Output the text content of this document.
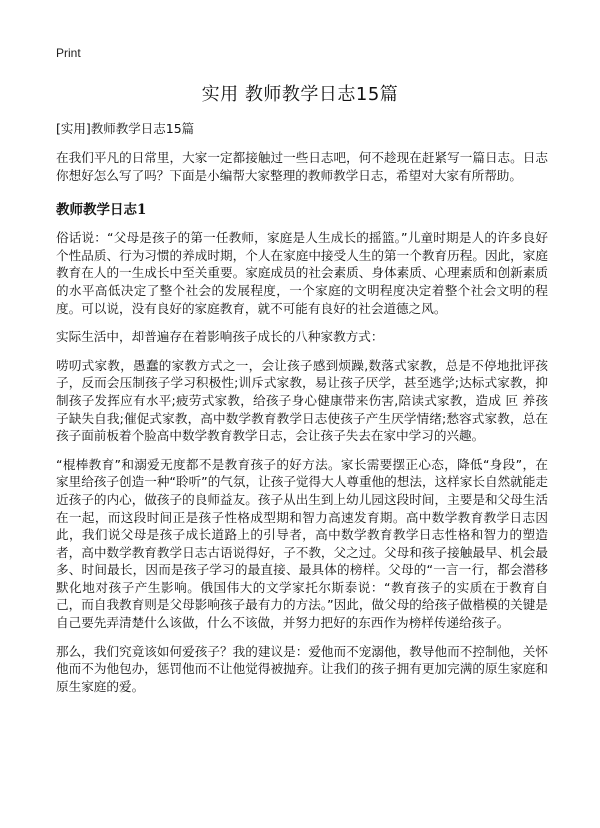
Print
实用 教师教学日志15篇

[实用]教师教学日志15篇

在我们平凡的日常里，大家一定都接触过一些日志吧，何不趁现在赶紧写一篇日志。日志你想好怎么写了吗？下面是小编帮大家整理的教师教学日志，希望对大家有所帮助。

教师教学日志1

俗话说：“父母是孩子的第一任教师，家庭是人生成长的摇篮。”儿童时期是人的许多良好个性品质、行为习惯的养成时期，个人在家庭中接受人生的第一个教育历程。因此，家庭教育在人的一生成长中至关重要。家庭成员的社会素质、身体素质、心理素质和创新素质的水平高低决定了整个社会的发展程度，一个家庭的文明程度决定着整个社会文明的程度。可以说，没有良好的家庭教育，就不可能有良好的社会道德之风。

实际生活中，却普遍存在着影响孩子成长的八种家教方式：

唠叨式家教，愚蠢的家教方式之一，会让孩子感到烦躁,数落式家教，总是不停地批评孩子，反而会压制孩子学习积极性;训斥式家教，易让孩子厌学，甚至逃学;达标式家教，抑制孩子发挥应有水平;疲劳式家教，给孩子身心健康带来伤害,陪读式家教，造成 叵 养孩子缺失自我;催促式家教，高中数学教育教学日志使孩子产生厌学情绪;愁容式家教，总在孩子面前板着个脸高中数学教育教学日志，会让孩子失去在家中学习的兴趣。

“棍棒教育”和溺爱无度都不是教育孩子的好方法。家长需要摆正心态，降低“身段”，在家里给孩子创造一种“聆听”的气氛，让孩子觉得大人尊重他的想法，这样家长自然就能走近孩子的内心，做孩子的良师益友。孩子从出生到上幼儿园这段时间，主要是和父母生活在一起，而这段时间正是孩子性格成型期和智力高速发育期。高中数学教育教学日志因此，我们说父母是孩子成长道路上的引导者，高中数学教育教学日志性格和智力的塑造者，高中数学教育教学日志古语说得好，子不教，父之过。父母和孩子接触最早、机会最多、时间最长，因而是孩子学习的最直接、最具体的榜样。父母的“一言一行，都会潜移默化地对孩子产生影响。俄国伟大的文学家托尔斯泰说：“教育孩子的实质在于教育自己，而自我教育则是父母影响孩子最有力的方法。”因此，做父母的给孩子做楷模的关键是自己要先弄清楚什么该做，什么不该做，并努力把好的东西作为榜样传递给孩子。

那么，我们究竟该如何爱孩子？我的建议是：爱他而不宠溺他，教导他而不控制他，关怀他而不为他包办，惩罚他而不让他觉得被抛弃。让我们的孩子拥有更加完满的原生家庭和原生家庭的爱。
